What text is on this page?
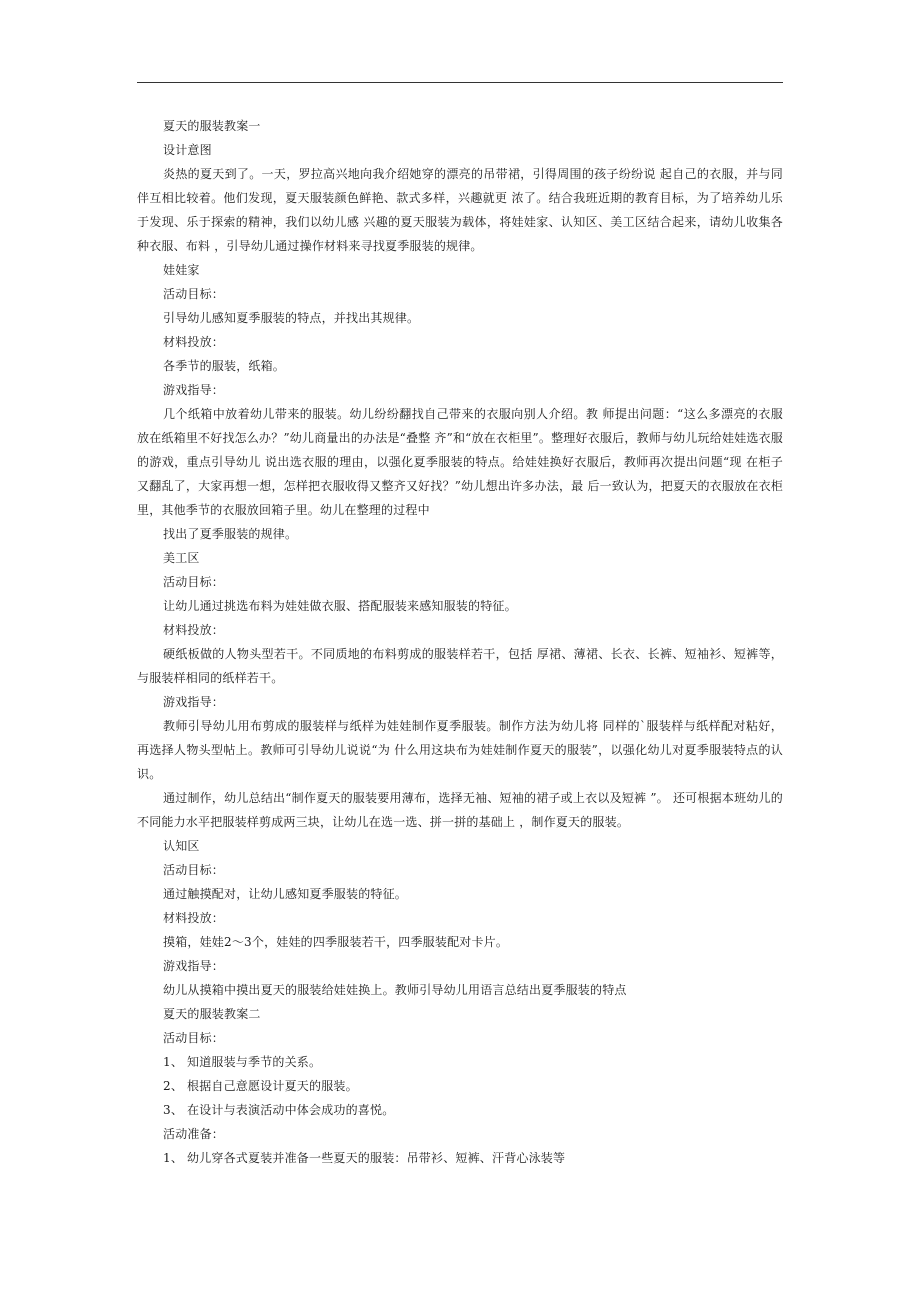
夏天的服装教案一

设计意图

炎热的夏天到了。一天，罗拉高兴地向我介绍她穿的漂亮的吊带裙，引得周围的孩子纷纷说 起自己的衣服，并与同伴互相比较着。他们发现，夏天服装颜色鲜艳、款式多样，兴趣就更 浓了。结合我班近期的教育目标，为了培养幼儿乐于发现、乐于探索的精神，我们以幼儿感 兴趣的夏天服装为载体，将娃娃家、认知区、美工区结合起来，请幼儿收集各种衣服、布料 ，引导幼儿通过操作材料来寻找夏季服装的规律。

娃娃家

活动目标：

引导幼儿感知夏季服装的特点，并找出其规律。

材料投放：

各季节的服装，纸箱。

游戏指导：

几个纸箱中放着幼儿带来的服装。幼儿纷纷翻找自己带来的衣服向别人介绍。教 师提出问题：“这么多漂亮的衣服放在纸箱里不好找怎么办？”幼儿商量出的办法是“叠整 齐”和“放在衣柜里”。整理好衣服后，教师与幼儿玩给娃娃选衣服的游戏，重点引导幼儿 说出选衣服的理由，以强化夏季服装的特点。给娃娃换好衣服后，教师再次提出问题“现 在柜子又翻乱了，大家再想一想，怎样把衣服收得又整齐又好找？”幼儿想出许多办法，最 后一致认为，把夏天的衣服放在衣柜里，其他季节的衣服放回箱子里。幼儿在整理的过程中

找出了夏季服装的规律。

美工区

活动目标：

让幼儿通过挑选布料为娃娃做衣服、搭配服装来感知服装的特征。

材料投放：

硬纸板做的人物头型若干。不同质地的布料剪成的服装样若干，包括 厚裙、薄裙、长衣、长裤、短袖衫、短裤等，与服装样相同的纸样若干。

游戏指导：

教师引导幼儿用布剪成的服装样与纸样为娃娃制作夏季服装。制作方法为幼儿将 同样的`服装样与纸样配对粘好，再选择人物头型帖上。教师可引导幼儿说说“为 什么用这块布为娃娃制作夏天的服装”，以强化幼儿对夏季服装特点的认识。

通过制作，幼儿总结出“制作夏天的服装要用薄布，选择无袖、短袖的裙子或上衣以及短裤 ”。 还可根据本班幼儿的不同能力水平把服装样剪成两三块，让幼儿在选一选、拼一拼的基础上 ，制作夏天的服装。

认知区

活动目标：

通过触摸配对，让幼儿感知夏季服装的特征。

材料投放：

摸箱，娃娃2～3个，娃娃的四季服装若干，四季服装配对卡片。

游戏指导：

幼儿从摸箱中摸出夏天的服装给娃娃换上。教师引导幼儿用语言总结出夏季服装的特点

夏天的服装教案二

活动目标：

1、 知道服装与季节的关系。

2、 根据自己意愿设计夏天的服装。

3、 在设计与表演活动中体会成功的喜悦。

活动准备：

1、 幼儿穿各式夏装并准备一些夏天的服装：吊带衫、短裤、汗背心泳装等
